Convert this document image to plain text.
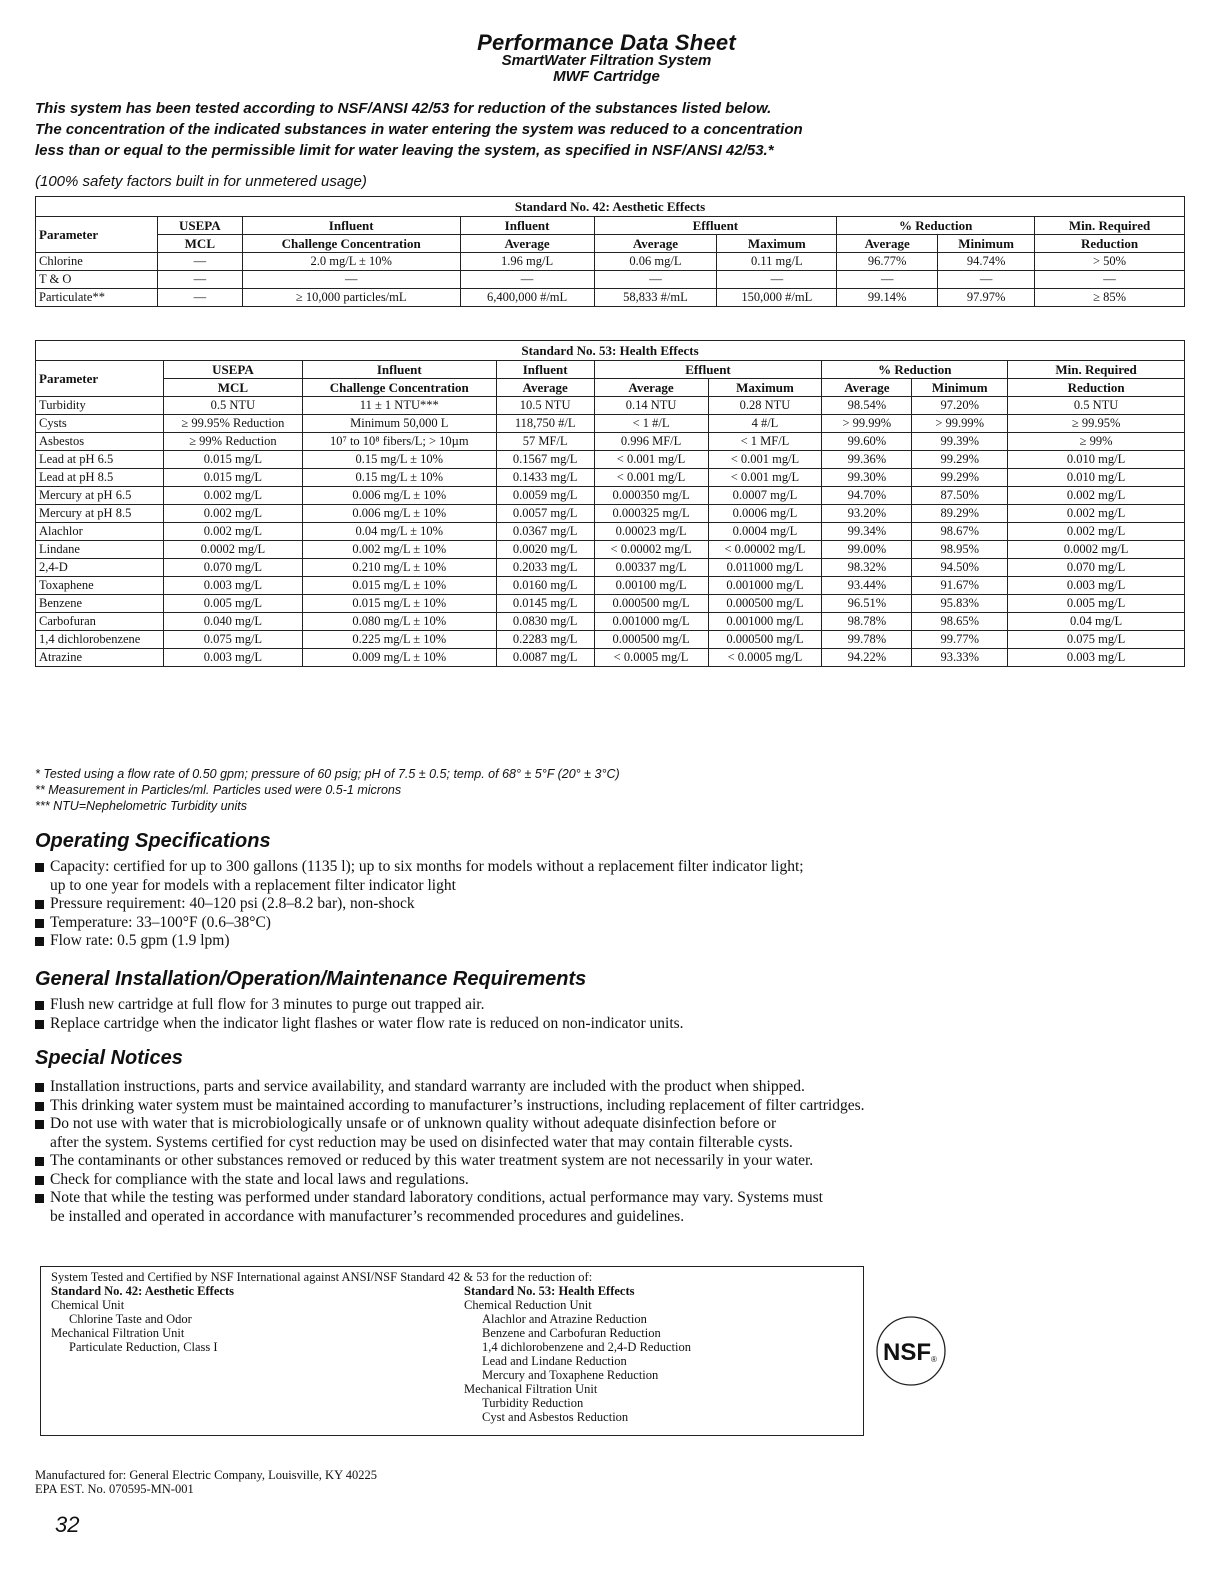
Performance Data Sheet
SmartWater Filtration System
MWF Cartridge
This system has been tested according to NSF/ANSI 42/53 for reduction of the substances listed below.
The concentration of the indicated substances in water entering the system was reduced to a concentration
less than or equal to the permissible limit for water leaving the system, as specified in NSF/ANSI 42/53.*
(100% safety factors built in for unmetered usage)
Standard No. 42: Aesthetic Effects								
Parameter	USEPA	Influent	Influent	Effluent		% Reduction		Min. Required
	MCL	Challenge Concentration	Average	Average	Maximum	Average	Minimum	Reduction
Chlorine	—	2.0 mg/L ± 10%	1.96 mg/L	0.06 mg/L	0.11 mg/L	96.77%	94.74%	> 50%
T & O	—	—	—	—	—	—	—	—
Particulate**	—	≥ 10,000 particles/mL	6,400,000 #/mL	58,833 #/mL	150,000 #/mL	99.14%	97.97%	≥ 85%
Standard No. 53: Health Effects								
Parameter	USEPA	Influent	Influent	Effluent		% Reduction		Min. Required
	MCL	Challenge Concentration	Average	Average	Maximum	Average	Minimum	Reduction
Turbidity	0.5 NTU	11 ± 1 NTU***	10.5 NTU	0.14 NTU	0.28 NTU	98.54%	97.20%	0.5 NTU
Cysts	≥ 99.95% Reduction	Minimum 50,000 L	118,750 #/L	< 1 #/L	4 #/L	> 99.99%	> 99.99%	≥ 99.95%
Asbestos	≥ 99% Reduction	10⁷ to 10⁸ fibers/L; > 10µm	57 MF/L	0.996 MF/L	< 1 MF/L	99.60%	99.39%	≥ 99%
Lead at pH 6.5	0.015 mg/L	0.15 mg/L ± 10%	0.1567 mg/L	< 0.001 mg/L	< 0.001 mg/L	99.36%	99.29%	0.010 mg/L
Lead at pH 8.5	0.015 mg/L	0.15 mg/L ± 10%	0.1433 mg/L	< 0.001 mg/L	< 0.001 mg/L	99.30%	99.29%	0.010 mg/L
Mercury at pH 6.5	0.002 mg/L	0.006 mg/L ± 10%	0.0059 mg/L	0.000350 mg/L	0.0007 mg/L	94.70%	87.50%	0.002 mg/L
Mercury at pH 8.5	0.002 mg/L	0.006 mg/L ± 10%	0.0057 mg/L	0.000325 mg/L	0.0006 mg/L	93.20%	89.29%	0.002 mg/L
Alachlor	0.002 mg/L	0.04 mg/L ± 10%	0.0367 mg/L	0.00023 mg/L	0.0004 mg/L	99.34%	98.67%	0.002 mg/L
Lindane	0.0002 mg/L	0.002 mg/L ± 10%	0.0020 mg/L	< 0.00002 mg/L	< 0.00002 mg/L	99.00%	98.95%	0.0002 mg/L
2,4-D	0.070 mg/L	0.210 mg/L ± 10%	0.2033 mg/L	0.00337 mg/L	0.011000 mg/L	98.32%	94.50%	0.070 mg/L
Toxaphene	0.003 mg/L	0.015 mg/L ± 10%	0.0160 mg/L	0.00100 mg/L	0.001000 mg/L	93.44%	91.67%	0.003 mg/L
Benzene	0.005 mg/L	0.015 mg/L ± 10%	0.0145 mg/L	0.000500 mg/L	0.000500 mg/L	96.51%	95.83%	0.005 mg/L
Carbofuran	0.040 mg/L	0.080 mg/L ± 10%	0.0830 mg/L	0.001000 mg/L	0.001000 mg/L	98.78%	98.65%	0.04 mg/L
1,4 dichlorobenzene	0.075 mg/L	0.225 mg/L ± 10%	0.2283 mg/L	0.000500 mg/L	0.000500 mg/L	99.78%	99.77%	0.075 mg/L
Atrazine	0.003 mg/L	0.009 mg/L ± 10%	0.0087 mg/L	< 0.0005 mg/L	< 0.0005 mg/L	94.22%	93.33%	0.003 mg/L
* Tested using a flow rate of 0.50 gpm; pressure of 60 psig; pH of 7.5 ± 0.5; temp. of 68° ± 5°F (20° ± 3°C)
** Measurement in Particles/ml. Particles used were 0.5-1 microns
*** NTU=Nephelometric Turbidity units
Operating Specifications
Capacity: certified for up to 300 gallons (1135 l); up to six months for models without a replacement filter indicator light;
up to one year for models with a replacement filter indicator light
Pressure requirement: 40–120 psi (2.8–8.2 bar), non-shock
Temperature: 33–100°F (0.6–38°C)
Flow rate: 0.5 gpm (1.9 lpm)
General Installation/Operation/Maintenance Requirements
Flush new cartridge at full flow for 3 minutes to purge out trapped air.
Replace cartridge when the indicator light flashes or water flow rate is reduced on non-indicator units.
Special Notices
Installation instructions, parts and service availability, and standard warranty are included with the product when shipped.
This drinking water system must be maintained according to manufacturer’s instructions, including replacement of filter cartridges.
Do not use with water that is microbiologically unsafe or of unknown quality without adequate disinfection before or
after the system. Systems certified for cyst reduction may be used on disinfected water that may contain filterable cysts.
The contaminants or other substances removed or reduced by this water treatment system are not necessarily in your water.
Check for compliance with the state and local laws and regulations.
Note that while the testing was performed under standard laboratory conditions, actual performance may vary. Systems must
be installed and operated in accordance with manufacturer’s recommended procedures and guidelines.
System Tested and Certified by NSF International against ANSI/NSF Standard 42 & 53 for the reduction of:
Standard No. 42: Aesthetic Effects
Chemical Unit
Chlorine Taste and Odor
Mechanical Filtration Unit
Particulate Reduction, Class I
Standard No. 53: Health Effects
Chemical Reduction Unit
Alachlor and Atrazine Reduction
Benzene and Carbofuran Reduction
1,4 dichlorobenzene and 2,4-D Reduction
Lead and Lindane Reduction
Mercury and Toxaphene Reduction
Mechanical Filtration Unit
Turbidity Reduction
Cyst and Asbestos Reduction
NSF ®
Manufactured for: General Electric Company, Louisville, KY 40225
EPA EST. No. 070595-MN-001
32
